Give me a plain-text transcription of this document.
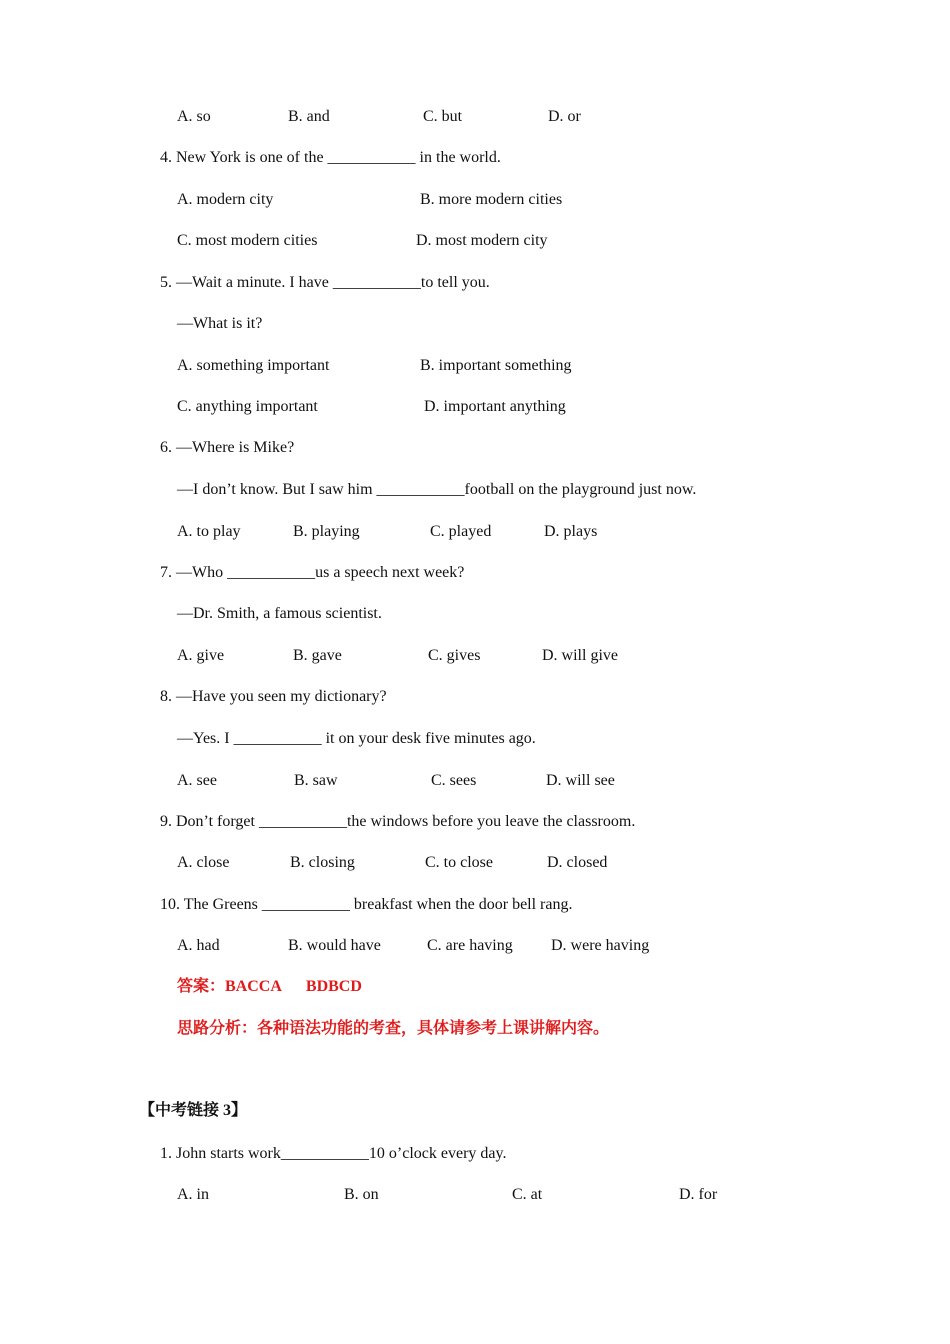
A. so	B. and	C. but	D. or
4. New York is one of the ___________ in the world.
A. modern city	B. more modern cities
C. most modern cities	D. most modern city
5. —Wait a minute. I have ___________to tell you.
—What is it?
A. something important	B. important something
C. anything important	D. important anything
6. —Where is Mike?
—I don’t know. But I saw him ___________football on the playground just now.
A. to play	B. playing	C. played	D. plays
7. —Who ___________us a speech next week?
—Dr. Smith, a famous scientist.
A. give	B. gave	C. gives	D. will give
8. —Have you seen my dictionary?
—Yes. I ___________ it on your desk five minutes ago.
A. see	B. saw	C. sees	D. will see
9. Don’t forget ___________the windows before you leave the classroom.
A. close	B. closing	C. to close	D. closed
10. The Greens ___________ breakfast when the door bell rang.
A. had	B. would have	C. are having D. were having
答案：BACCA BDBCD
思路分析：各种语法功能的考查，具体请参考上课讲解内容。
【中考链接 3】
1. John starts work___________10 o’clock every day.
A. in	B. on	C. at	D. for
